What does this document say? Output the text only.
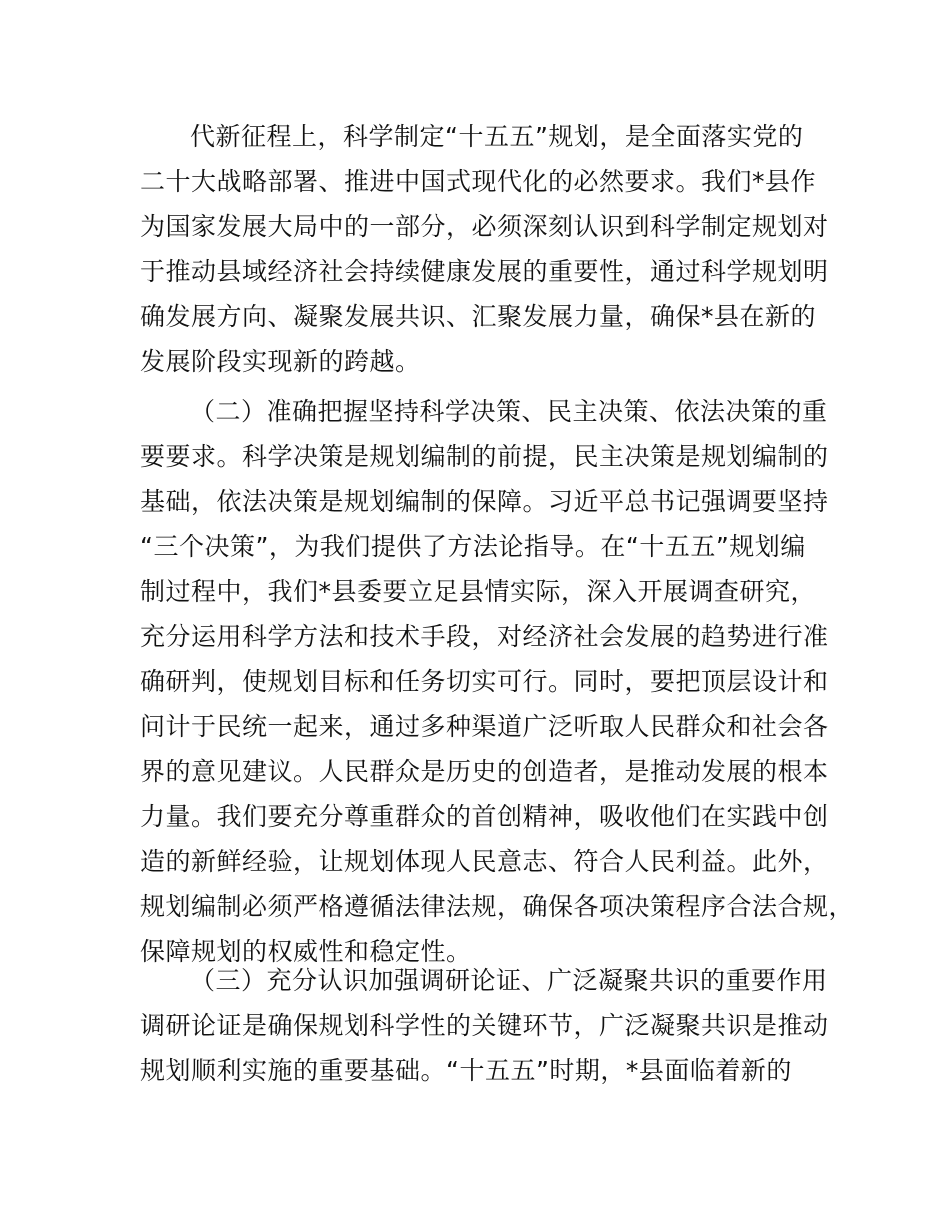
代新征程上，科学制定“十五五”规划，是全面落实党的
二十大战略部署、推进中国式现代化的必然要求。我们*县作
为国家发展大局中的一部分，必须深刻认识到科学制定规划对
于推动县域经济社会持续健康发展的重要性，通过科学规划明
确发展方向、凝聚发展共识、汇聚发展力量，确保*县在新的
发展阶段实现新的跨越。
（二）准确把握坚持科学决策、民主决策、依法决策的重
要要求。科学决策是规划编制的前提，民主决策是规划编制的
基础，依法决策是规划编制的保障。习近平总书记强调要坚持
“三个决策”，为我们提供了方法论指导。在“十五五”规划编
制过程中，我们*县委要立足县情实际，深入开展调查研究，
充分运用科学方法和技术手段，对经济社会发展的趋势进行准
确研判，使规划目标和任务切实可行。同时，要把顶层设计和
问计于民统一起来，通过多种渠道广泛听取人民群众和社会各
界的意见建议。人民群众是历史的创造者，是推动发展的根本
力量。我们要充分尊重群众的首创精神，吸收他们在实践中创
造的新鲜经验，让规划体现人民意志、符合人民利益。此外，
规划编制必须严格遵循法律法规，确保各项决策程序合法合规，
保障规划的权威性和稳定性。
（三）充分认识加强调研论证、广泛凝聚共识的重要作用
调研论证是确保规划科学性的关键环节，广泛凝聚共识是推动
规划顺利实施的重要基础。“十五五”时期，*县面临着新的
